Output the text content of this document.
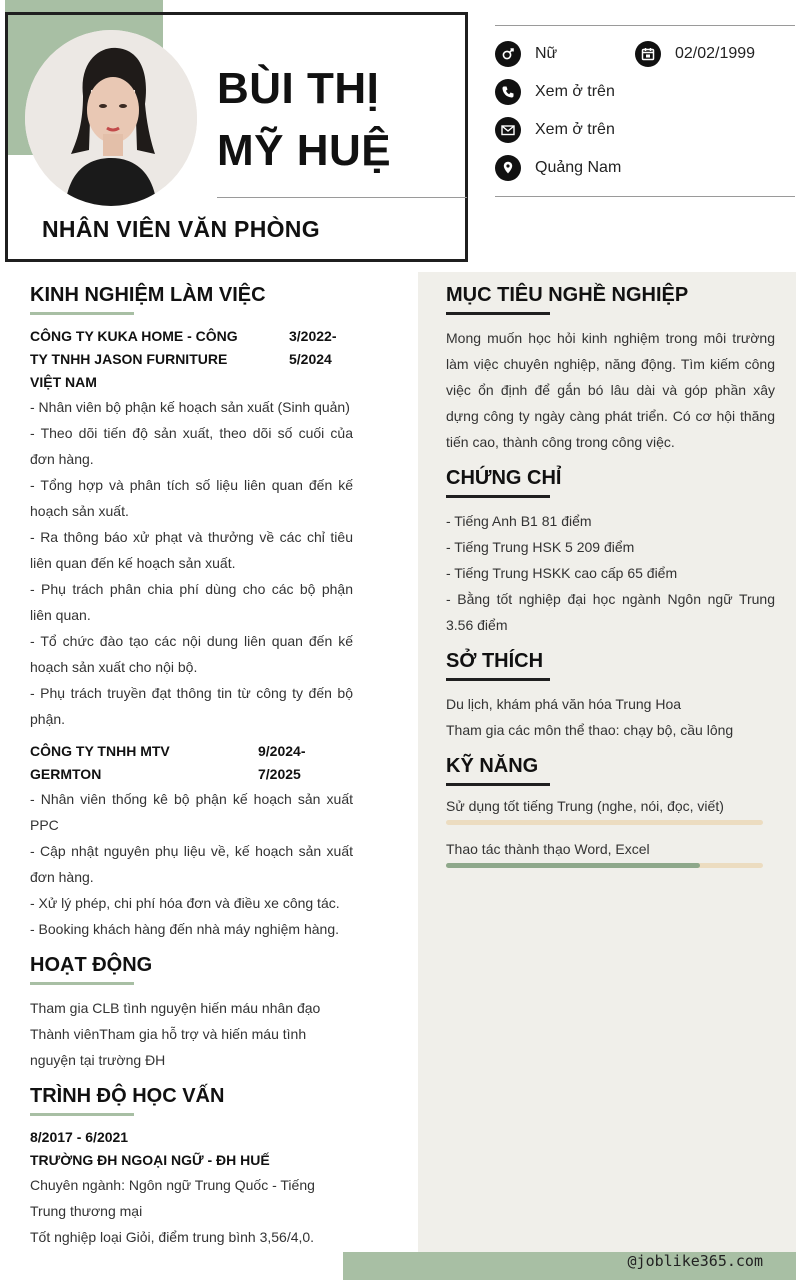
BÙI THỊ
MỸ HUỆ
NHÂN VIÊN VĂN PHÒNG
Nữ	02/02/1999
Xem ở trên
Xem ở trên
Quảng Nam
KINH NGHIỆM LÀM VIỆC
CÔNG TY KUKA HOME - CÔNG TY TNHH JASON FURNITURE VIỆT NAM
3/2022-5/2024
- Nhân viên bộ phận kế hoạch sản xuất (Sinh quản)
- Theo dõi tiến độ sản xuất, theo dõi số cuối của đơn hàng.
- Tổng hợp và phân tích số liệu liên quan đến kế hoạch sản xuất.
- Ra thông báo xử phạt và thưởng về các chỉ tiêu liên quan đến kế hoạch sản xuất.
- Phụ trách phân chia phí dùng cho các bộ phận liên quan.
- Tổ chức đào tạo các nội dung liên quan đến kế hoạch sản xuất cho nội bộ.
- Phụ trách truyền đạt thông tin từ công ty đến bộ phận.
CÔNG TY TNHH MTV GERMTON
9/2024-7/2025
- Nhân viên thống kê bộ phận kế hoạch sản xuất PPC
- Cập nhật nguyên phụ liệu về, kế hoạch sản xuất đơn hàng.
- Xử lý phép, chi phí hóa đơn và điều xe công tác.
- Booking khách hàng đến nhà máy nghiệm hàng.
HOẠT ĐỘNG
Tham gia CLB tình nguyện hiến máu nhân đạo Thành viênTham gia hỗ trợ và hiến máu tình nguyện tại trường ĐH
TRÌNH ĐỘ HỌC VẤN
8/2017 - 6/2021
TRƯỜNG ĐH NGOẠI NGỮ - ĐH HUẾ
Chuyên ngành: Ngôn ngữ Trung Quốc - Tiếng Trung thương mại
Tốt nghiệp loại Giỏi, điểm trung bình 3,56/4,0.
MỤC TIÊU NGHỀ NGHIỆP
Mong muốn học hỏi kinh nghiệm trong môi trường làm việc chuyên nghiệp, năng động. Tìm kiếm công việc ổn định để gắn bó lâu dài và góp phần xây dựng công ty ngày càng phát triển. Có cơ hội thăng tiến cao, thành công trong công việc.
CHỨNG CHỈ
- Tiếng Anh B1 81 điểm
- Tiếng Trung HSK 5 209 điểm
- Tiếng Trung HSKK cao cấp 65 điểm
- Bằng tốt nghiệp đại học ngành Ngôn ngữ Trung 3.56 điểm
SỞ THÍCH
Du lịch, khám phá văn hóa Trung Hoa
Tham gia các môn thể thao: chạy bộ, cầu lông
KỸ NĂNG
Sử dụng tốt tiếng Trung (nghe, nói, đọc, viết)
Thao tác thành thạo Word, Excel
@joblike365.com
